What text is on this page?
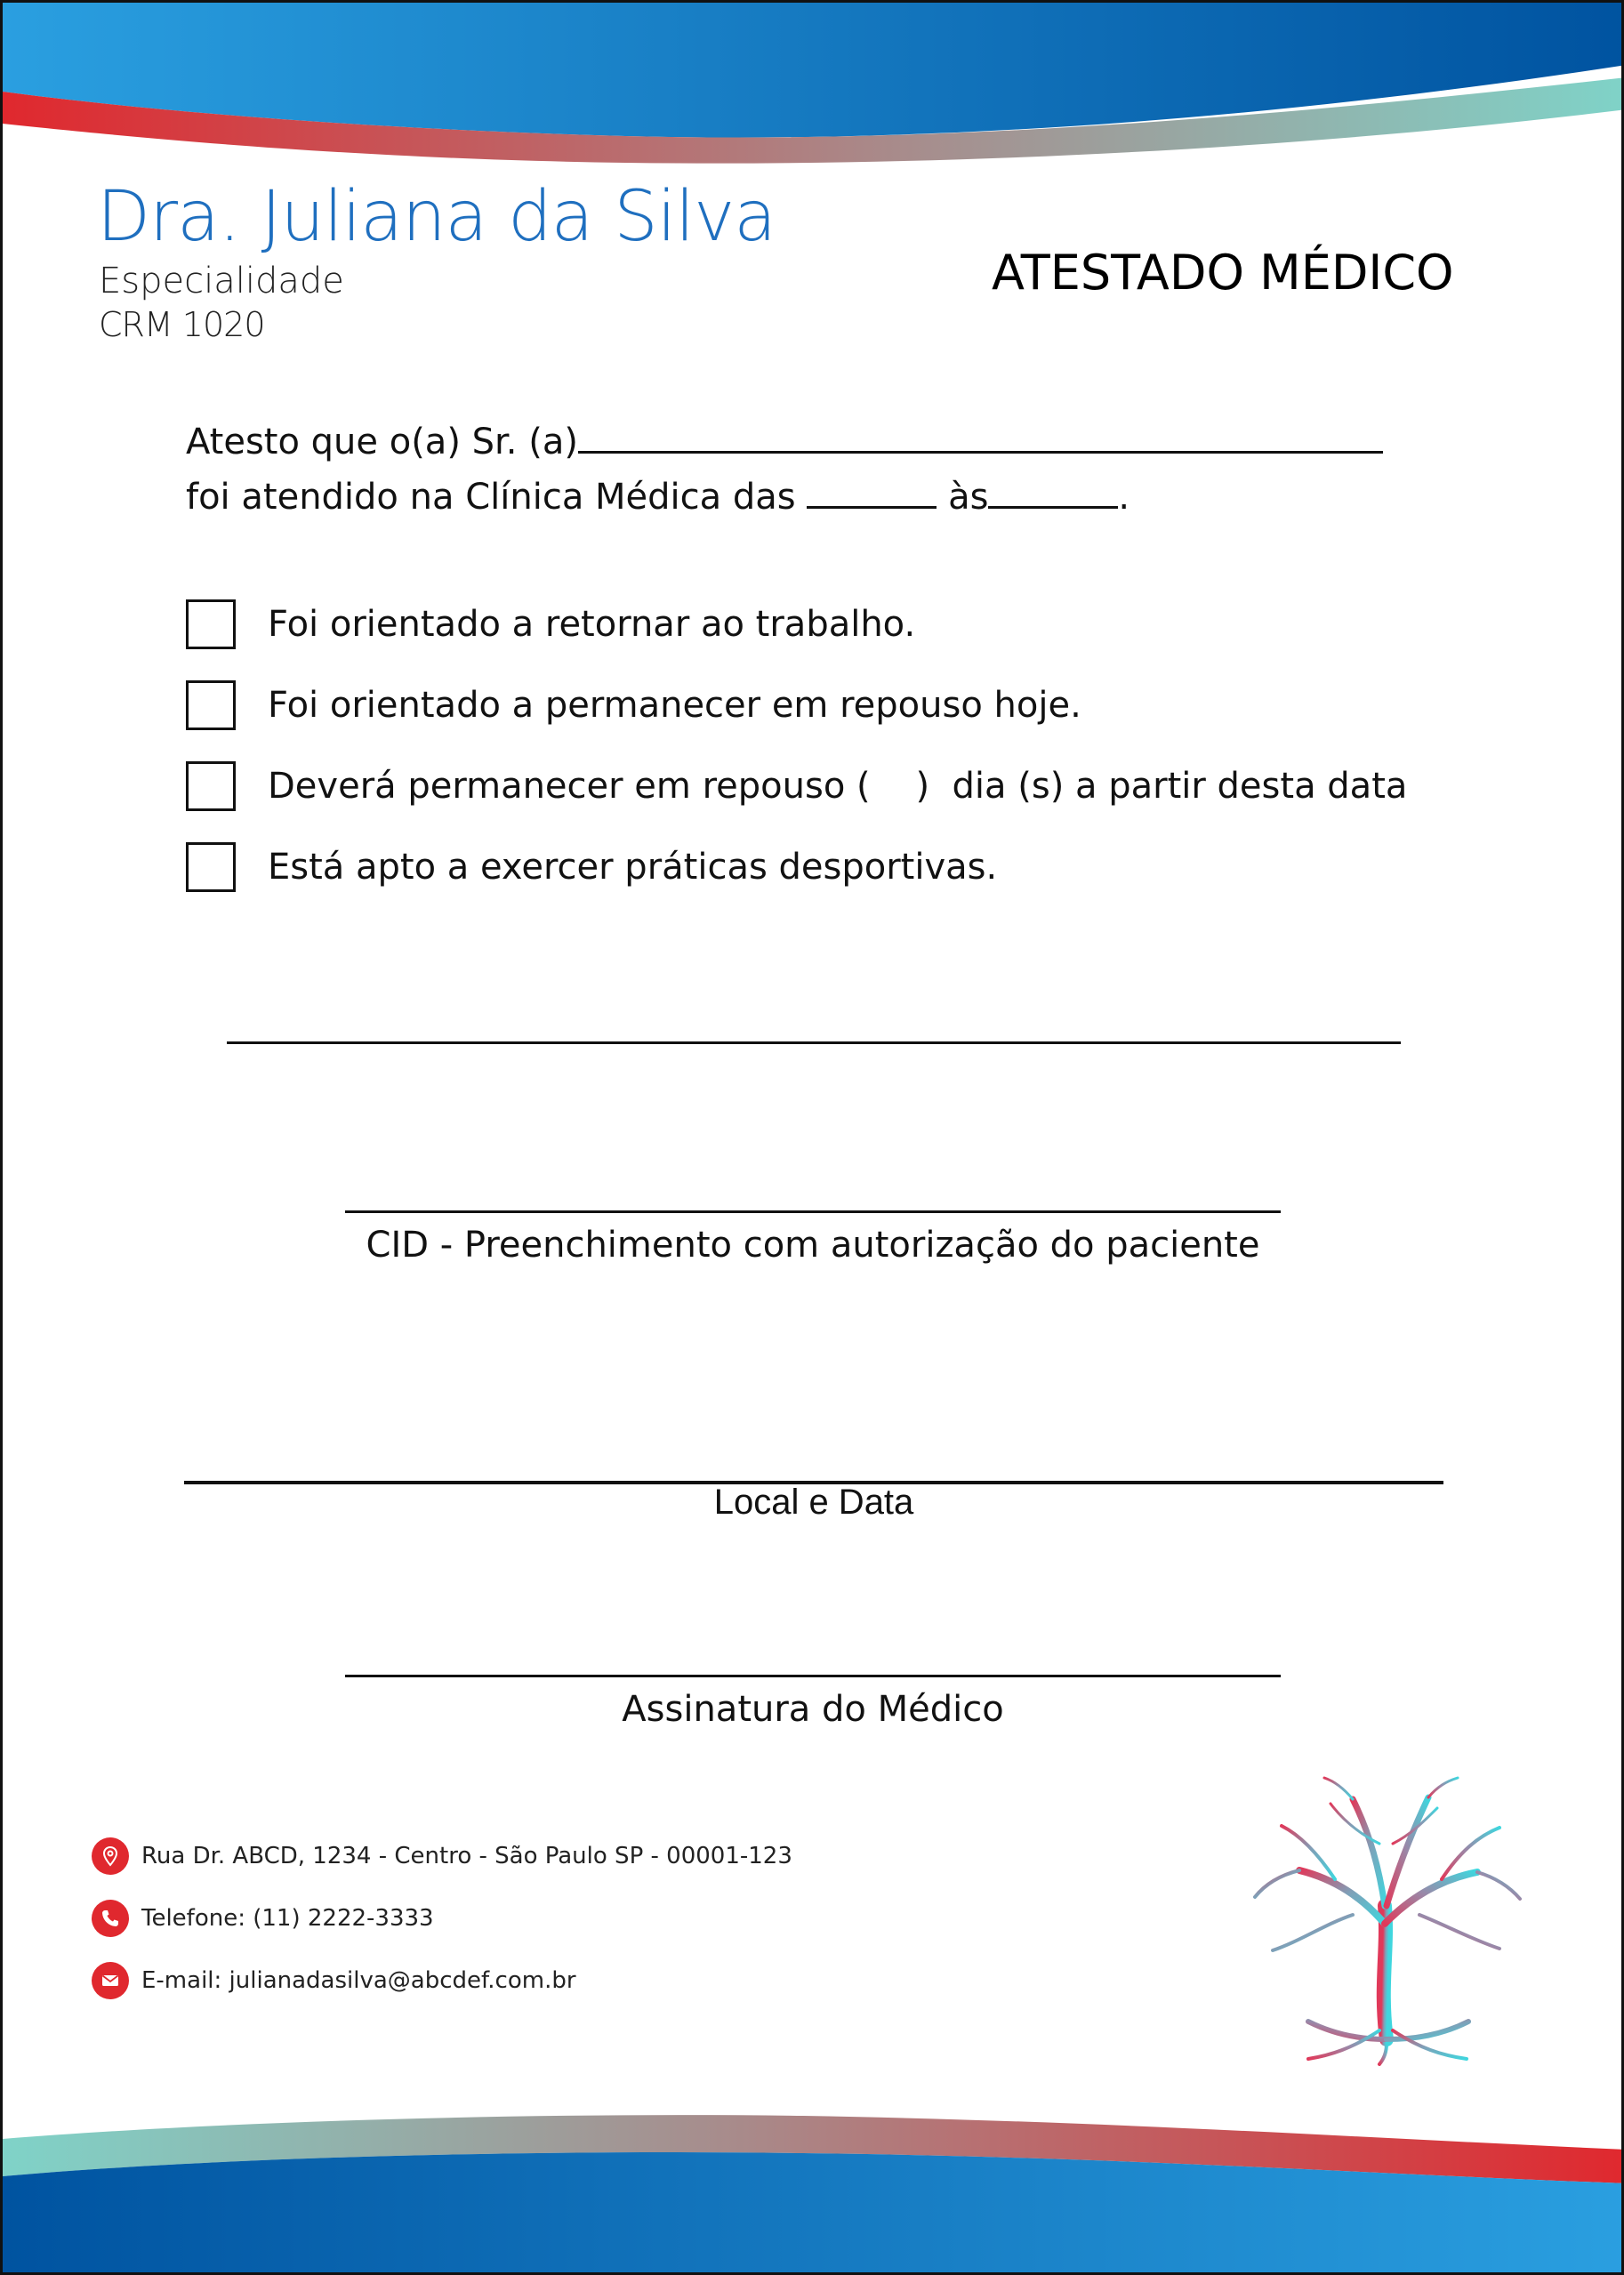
Dra. Juliana da Silva
Especialidade
CRM 1020
ATESTADO MÉDICO
Atesto que o(a) Sr. (a)
foi atendido na Clínica Médica das	às	.
Foi orientado a retornar ao trabalho.
Foi orientado a permanecer em repouso hoje.
Deverá permanecer em repouso (    )  dia (s) a partir desta data
Está apto a exercer práticas desportivas.
CID - Preenchimento com autorização do paciente
Local e Data
Assinatura do Médico
Rua Dr. ABCD, 1234 - Centro - São Paulo SP - 00001-123
Telefone: (11) 2222-3333
E-mail: julianadasilva@abcdef.com.br
